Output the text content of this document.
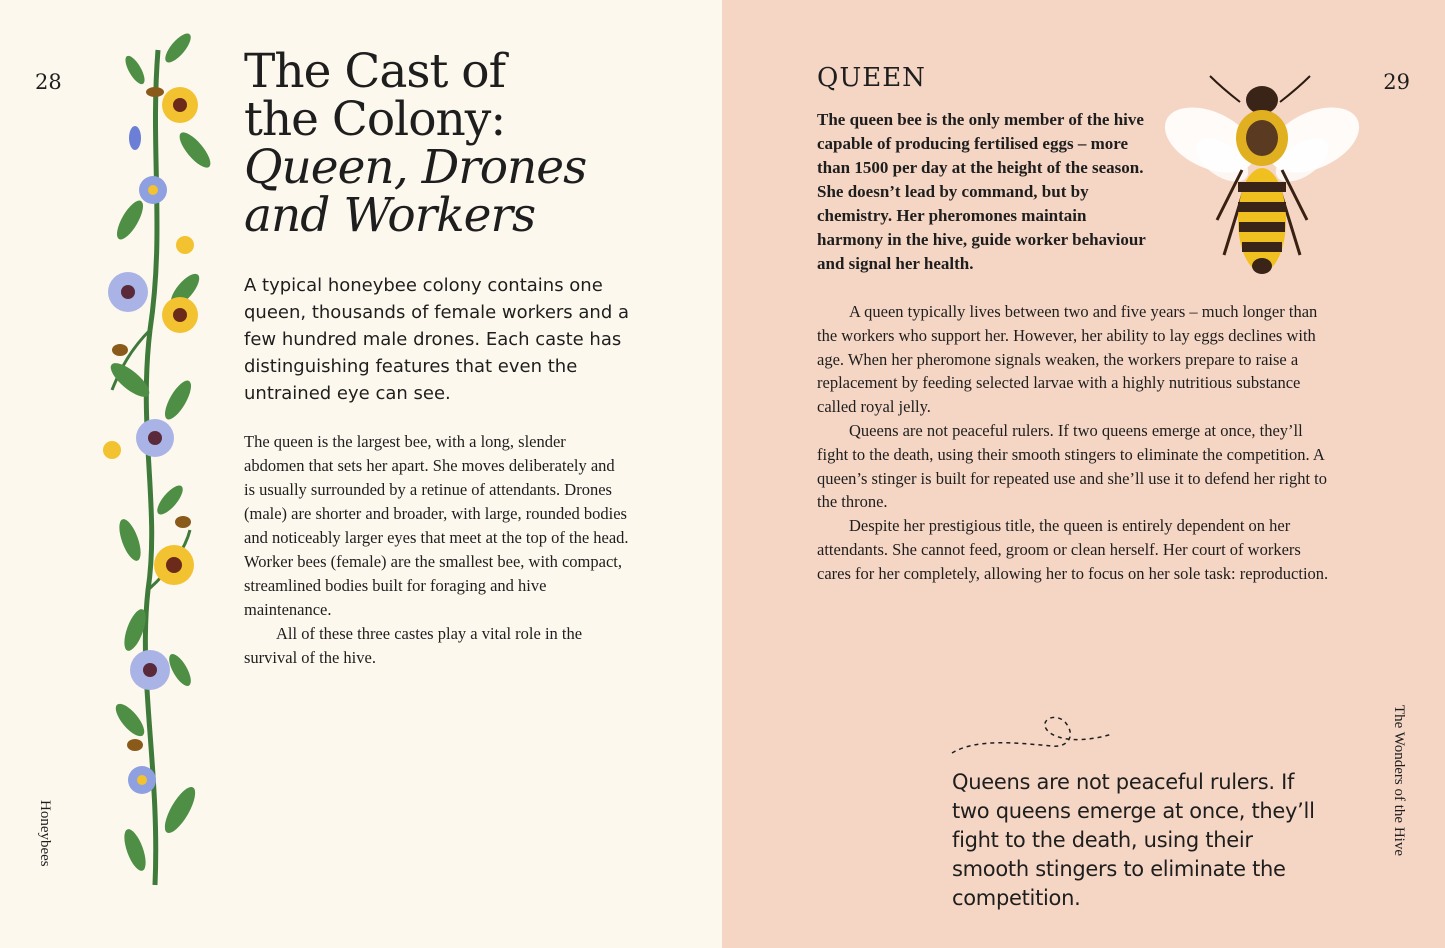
28
Honeybees
The Cast of
the Colony:
Queen, Drones
and Workers

A typical honeybee colony contains one queen, thousands of female workers and a few hundred male drones. Each caste has distinguishing features that even the untrained eye can see.

The queen is the largest bee, with a long, slender abdomen that sets her apart. She moves deliberately and is usually surrounded by a retinue of attendants. Drones (male) are shorter and broader, with large, rounded bodies and noticeably larger eyes that meet at the top of the head. Worker bees (female) are the smallest bee, with compact, streamlined bodies built for foraging and hive maintenance.

All of these three castes play a vital role in the survival of the hive.

29
The Wonders of the Hive
QUEEN

The queen bee is the only member of the hive capable of producing fertilised eggs – more than 1500 per day at the height of the season. She doesn’t lead by command, but by chemistry. Her pheromones maintain harmony in the hive, guide worker behaviour and signal her health.

A queen typically lives between two and five years – much longer than the workers who support her. However, her ability to lay eggs declines with age. When her pheromone signals weaken, the workers prepare to raise a replacement by feeding selected larvae with a highly nutritious substance called royal jelly.

Queens are not peaceful rulers. If two queens emerge at once, they’ll fight to the death, using their smooth stingers to eliminate the competition. A queen’s stinger is built for repeated use and she’ll use it to defend her right to the throne.

Despite her prestigious title, the queen is entirely dependent on her attendants. She cannot feed, groom or clean herself. Her court of workers cares for her completely, allowing her to focus on her sole task: reproduction.

Queens are not peaceful rulers. If two queens emerge at once, they’ll fight to the death, using their smooth stingers to eliminate the competition.
